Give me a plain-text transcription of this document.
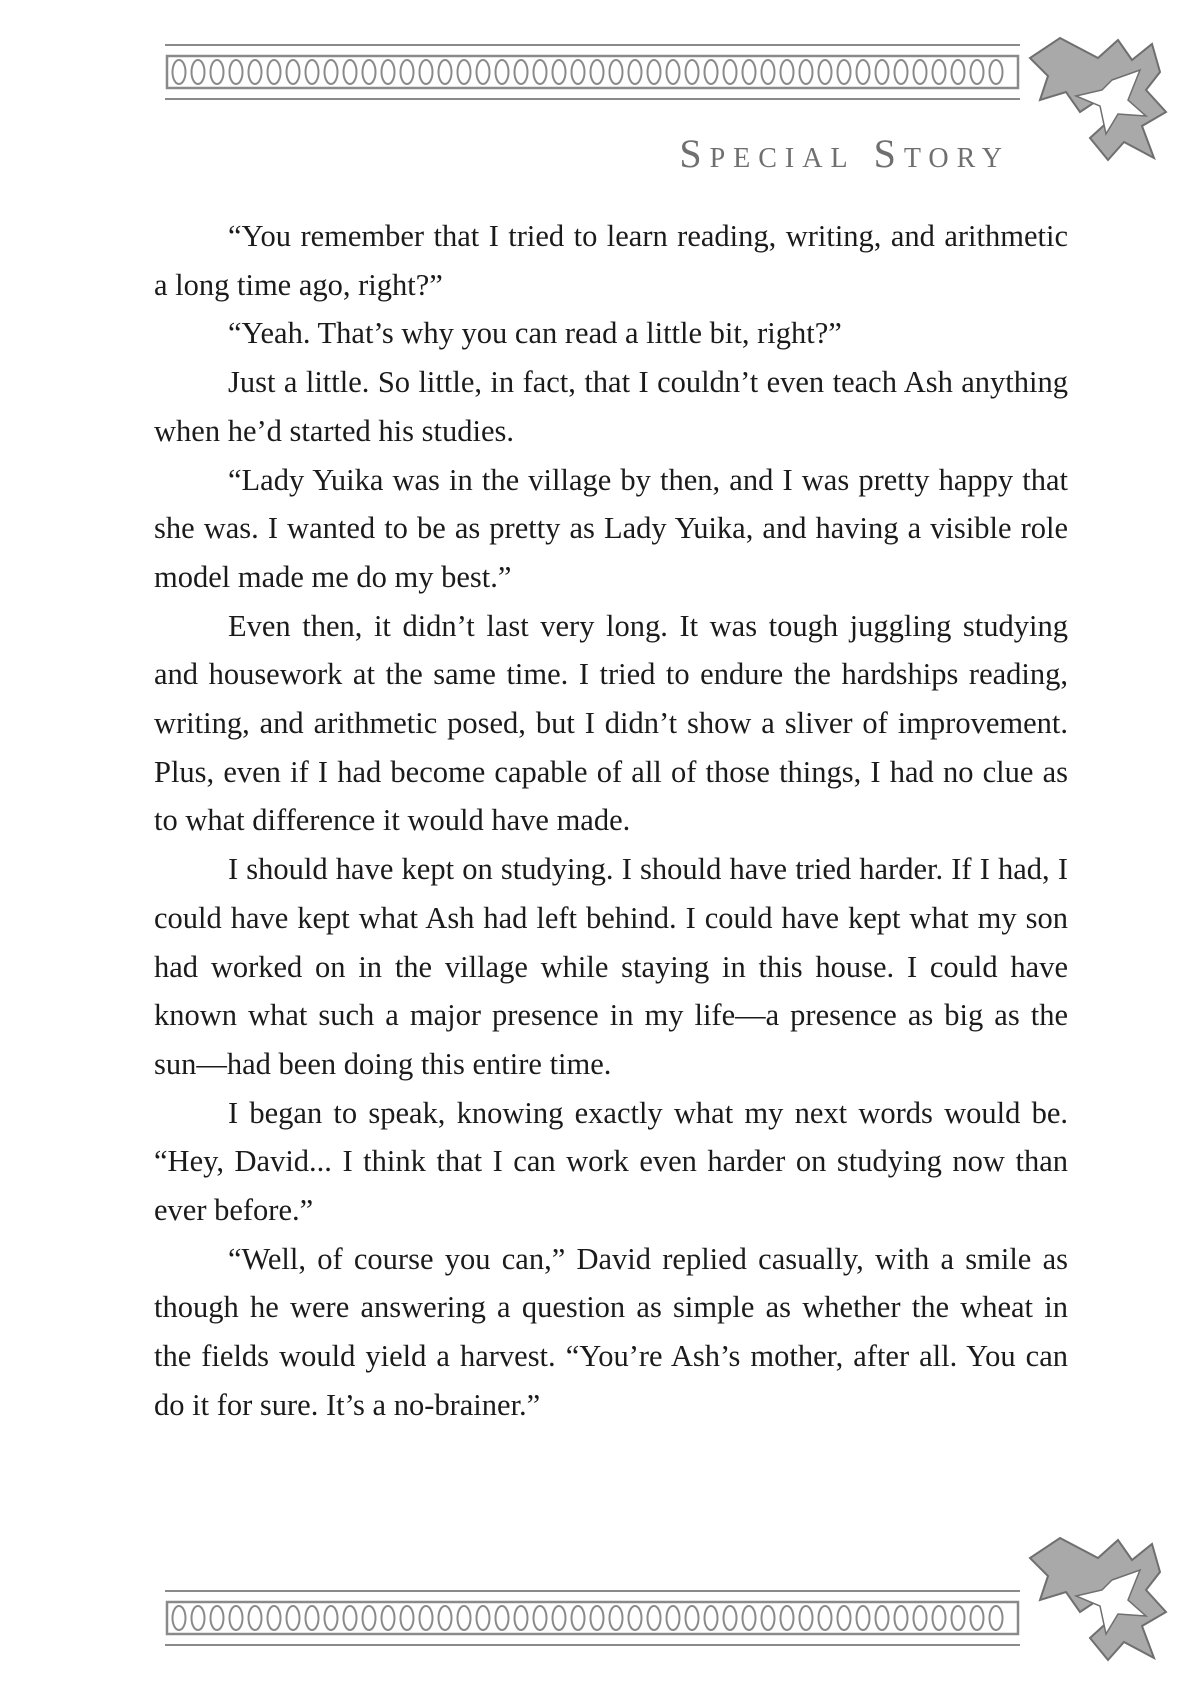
Special Story

“You remember that I tried to learn reading, writing, and arithmetic a long time ago, right?”

“Yeah. That’s why you can read a little bit, right?”

Just a little. So little, in fact, that I couldn’t even teach Ash anything when he’d started his studies.

“Lady Yuika was in the village by then, and I was pretty happy that she was. I wanted to be as pretty as Lady Yuika, and having a visible role model made me do my best.”

Even then, it didn’t last very long. It was tough juggling studying and housework at the same time. I tried to endure the hardships reading, writing, and arithmetic posed, but I didn’t show a sliver of improvement. Plus, even if I had become capable of all of those things, I had no clue as to what difference it would have made.

I should have kept on studying. I should have tried harder. If I had, I could have kept what Ash had left behind. I could have kept what my son had worked on in the village while staying in this house. I could have known what such a major presence in my life—a presence as big as the sun—had been doing this entire time.

I began to speak, knowing exactly what my next words would be. “Hey, David... I think that I can work even harder on studying now than ever before.”

“Well, of course you can,” David replied casually, with a smile as though he were answering a question as simple as whether the wheat in the fields would yield a harvest. “You’re Ash’s mother, after all. You can do it for sure. It’s a no-brainer.”
